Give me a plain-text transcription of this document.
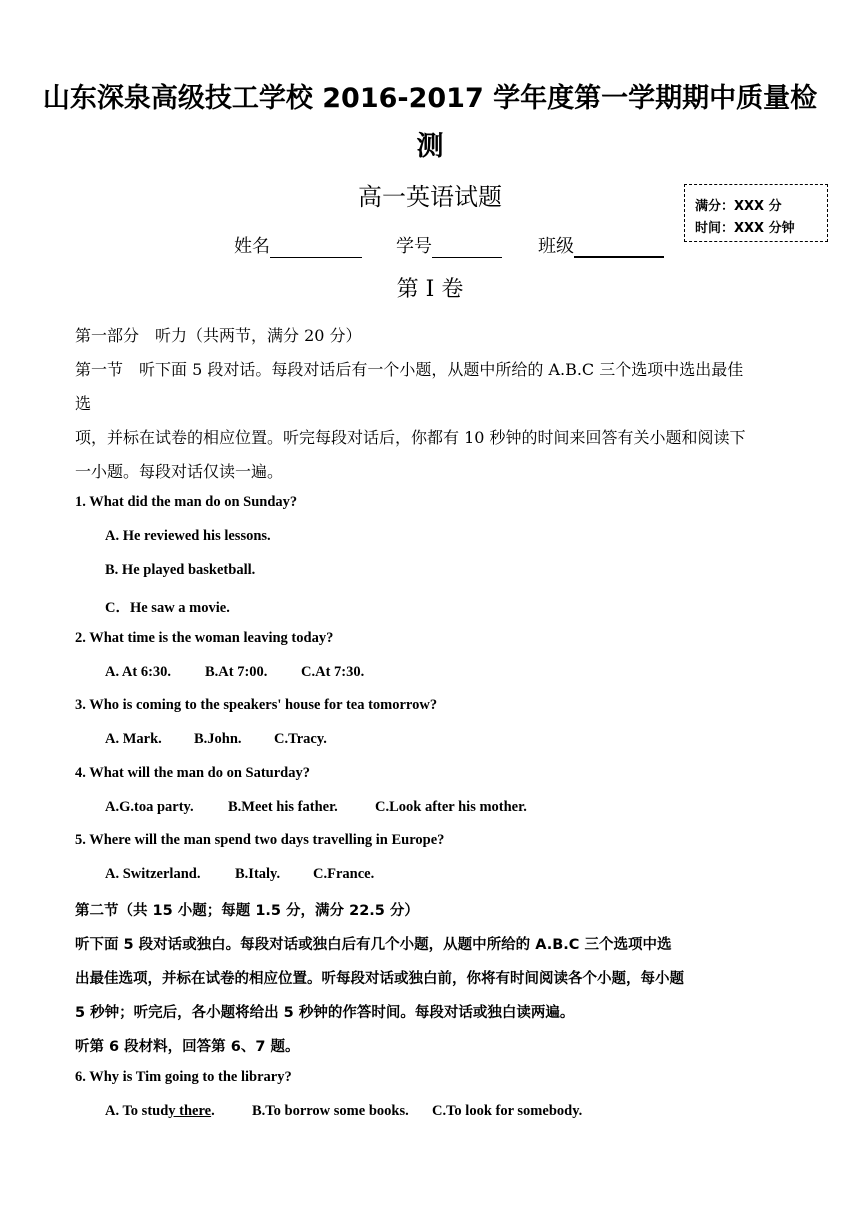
山东深泉高级技工学校 2016-2017 学年度第一学期期中质量检
测
高一英语试题	满分：XXX 分
时间：XXX 分钟
姓名	学号	班级
第 I 卷
第一部分　听力（共两节，满分 20 分）
第一节　听下面 5 段对话。每段对话后有一个小题，从题中所给的 A.B.C 三个选项中选出最佳
选
项，并标在试卷的相应位置。听完每段对话后，你都有 10 秒钟的时间来回答有关小题和阅读下
一小题。每段对话仅读一遍。
1. What did the man do on Sunday?
A. He reviewed his lessons.
B. He played basketball.
C．He saw a movie.
2. What time is the woman leaving today?
A. At 6:30. B.At 7:00. C.At 7:30.
3. Who is coming to the speakers' house for tea tomorrow?
A. Mark. B.John. C.Tracy.
4. What will the man do on Saturday?
A.G.toa party. B.Meet his father.	C.Look after his mother.
5. Where will the man spend two days travelling in Europe?
A. Switzerland. B.Italy. C.France.
第二节（共 15 小题；每题 1.5 分，满分 22.5 分）
听下面 5 段对话或独白。每段对话或独白后有几个小题，从题中所给的 A.B.C 三个选项中选
出最佳选项，并标在试卷的相应位置。听每段对话或独白前，你将有时间阅读各个小题，每小题
5 秒钟；听完后，各小题将给出 5 秒钟的作答时间。每段对话或独白读两遍。
听第 6 段材料，回答第 6、7 题。
6. Why is Tim going to the library?
A. To study there.	B.To borrow some books. C.To look for somebody.
